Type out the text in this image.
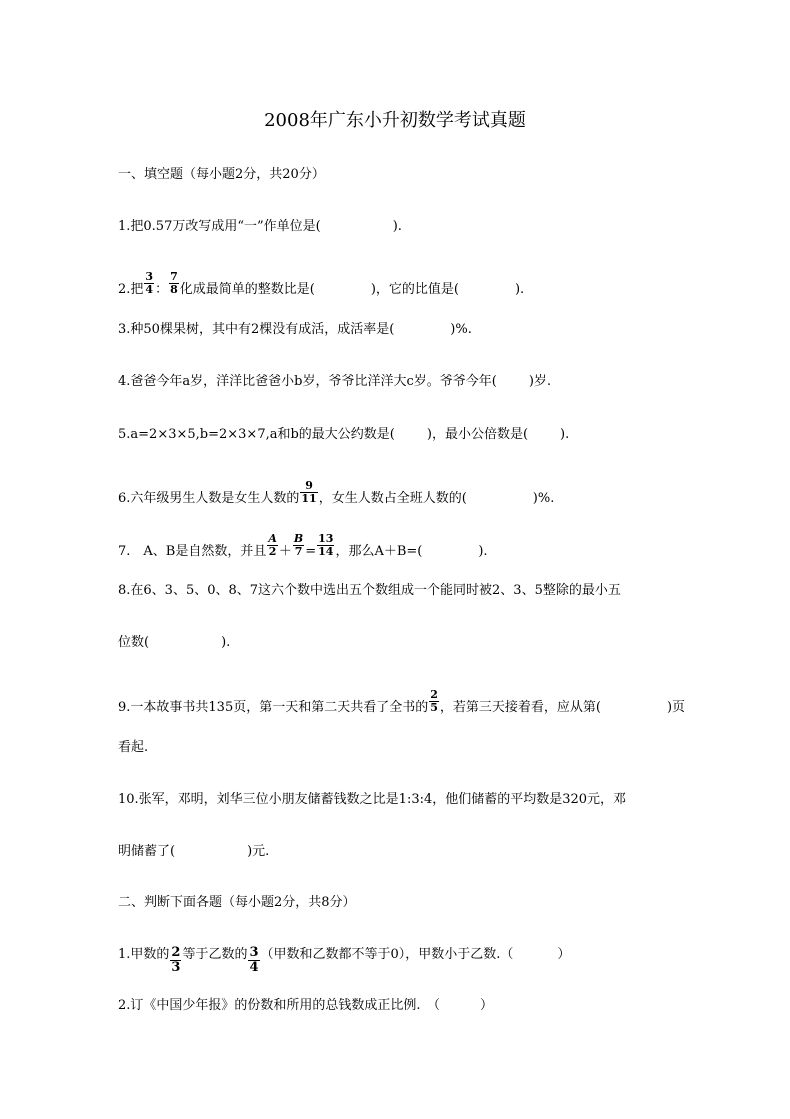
2008年广东小升初数学考试真题
一、填空题（每小题2分，共20分）
1.把0.57万改写成用“一”作单位是(	).
2.把 $\frac{3}{4}$ ： $\frac{7}{8}$ 化成最简单的整数比是(	)，它的比值是(	).
3.种50棵果树，其中有2棵没有成活，成活率是(	)%.
4.爸爸今年a岁，洋洋比爸爸小b岁，爷爷比洋洋大c岁。爷爷今年( )岁.
5.a=2×3×5,b=2×3×7,a和b的最大公约数是( )，最小公倍数是( ).
6.六年级男生人数是女生人数的 $\frac{9}{11}$ ，女生人数占全班人数的(	)%.
7.　A、B是自然数，并且 $\frac{A}{2} + \frac{B}{7} = \frac{13}{14}$ ，那么A＋B=(	).
8.在6、3、5、0、8、7这六个数中选出五个数组成一个能同时被2、3、5整除的最小五
位数(	).
9.一本故事书共135页，第一天和第二天共看了全书的 $\frac{2}{5}$ ，若第三天接着看，应从第(	)页
看起.
10.张军，邓明，刘华三位小朋友储蓄钱数之比是1:3:4，他们储蓄的平均数是320元，邓
明储蓄了(	)元.
二、判断下面各题（每小题2分，共8分）
1.甲数的 $\frac{2}{3}$ 等于乙数的 $\frac{3}{4}$ （甲数和乙数都不等于0），甲数小于乙数.（	）
2.订《中国少年报》的份数和所用的总钱数成正比例.　（	）
